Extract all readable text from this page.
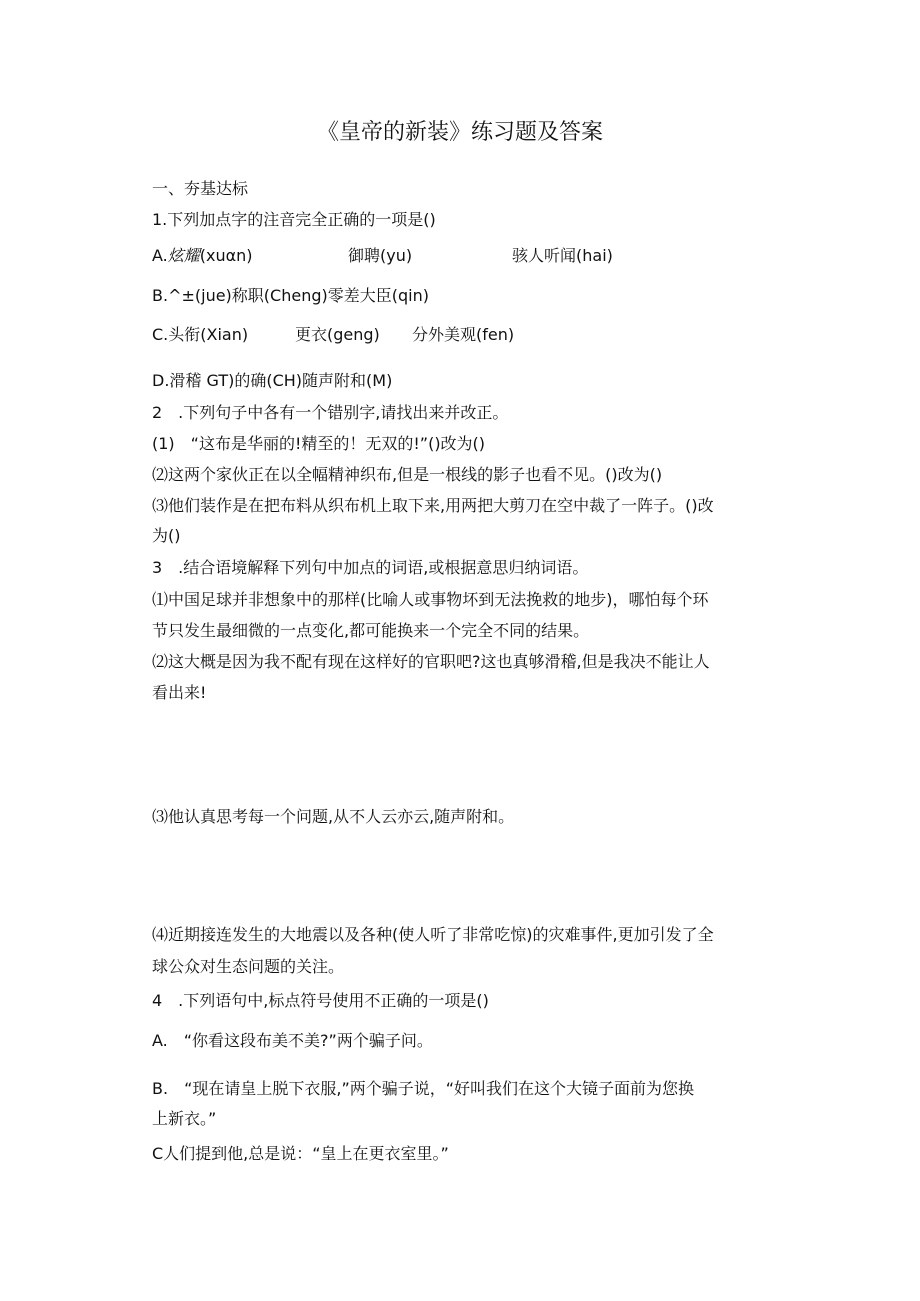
《皇帝的新装》练习题及答案
一、夯基达标
1.下列加点字的注音完全正确的一项是()
A.炫耀(xuαn)	御聘(yu)	骇人听闻(hai)
B.^±(jue)称职(Cheng)零差大臣(qin)
C.头衔(Xian)	更衣(geng) 分外美观(fen)
D.滑稽 GT)的确(CH)随声附和(M)
2　.下列句子中各有一个错别字,请找出来并改正。
(1)　“这布是华丽的!精至的！无双的!”()改为()
⑵这两个家伙正在以全幅精神织布,但是一根线的影子也看不见。()改为()
⑶他们装作是在把布料从织布机上取下来,用两把大剪刀在空中裁了一阵子。()改
为()
3　.结合语境解释下列句中加点的词语,或根据意思归纳词语。
⑴中国足球并非想象中的那样(比喻人或事物坏到无法挽救的地步)，哪怕每个环
节只发生最细微的一点变化,都可能换来一个完全不同的结果。
⑵这大概是因为我不配有现在这样好的官职吧?这也真够滑稽,但是我决不能让人
看出来!
⑶他认真思考每一个问题,从不人云亦云,随声附和。
⑷近期接连发生的大地震以及各种(使人听了非常吃惊)的灾难事件,更加引发了全
球公众对生态问题的关注。
4　.下列语句中,标点符号使用不正确的一项是()
A.　“你看这段布美不美?”两个骗子问。
B.　“现在请皇上脱下衣服,”两个骗子说，“好叫我们在这个大镜子面前为您换
上新衣。”
C人们提到他,总是说：“皇上在更衣室里。”
